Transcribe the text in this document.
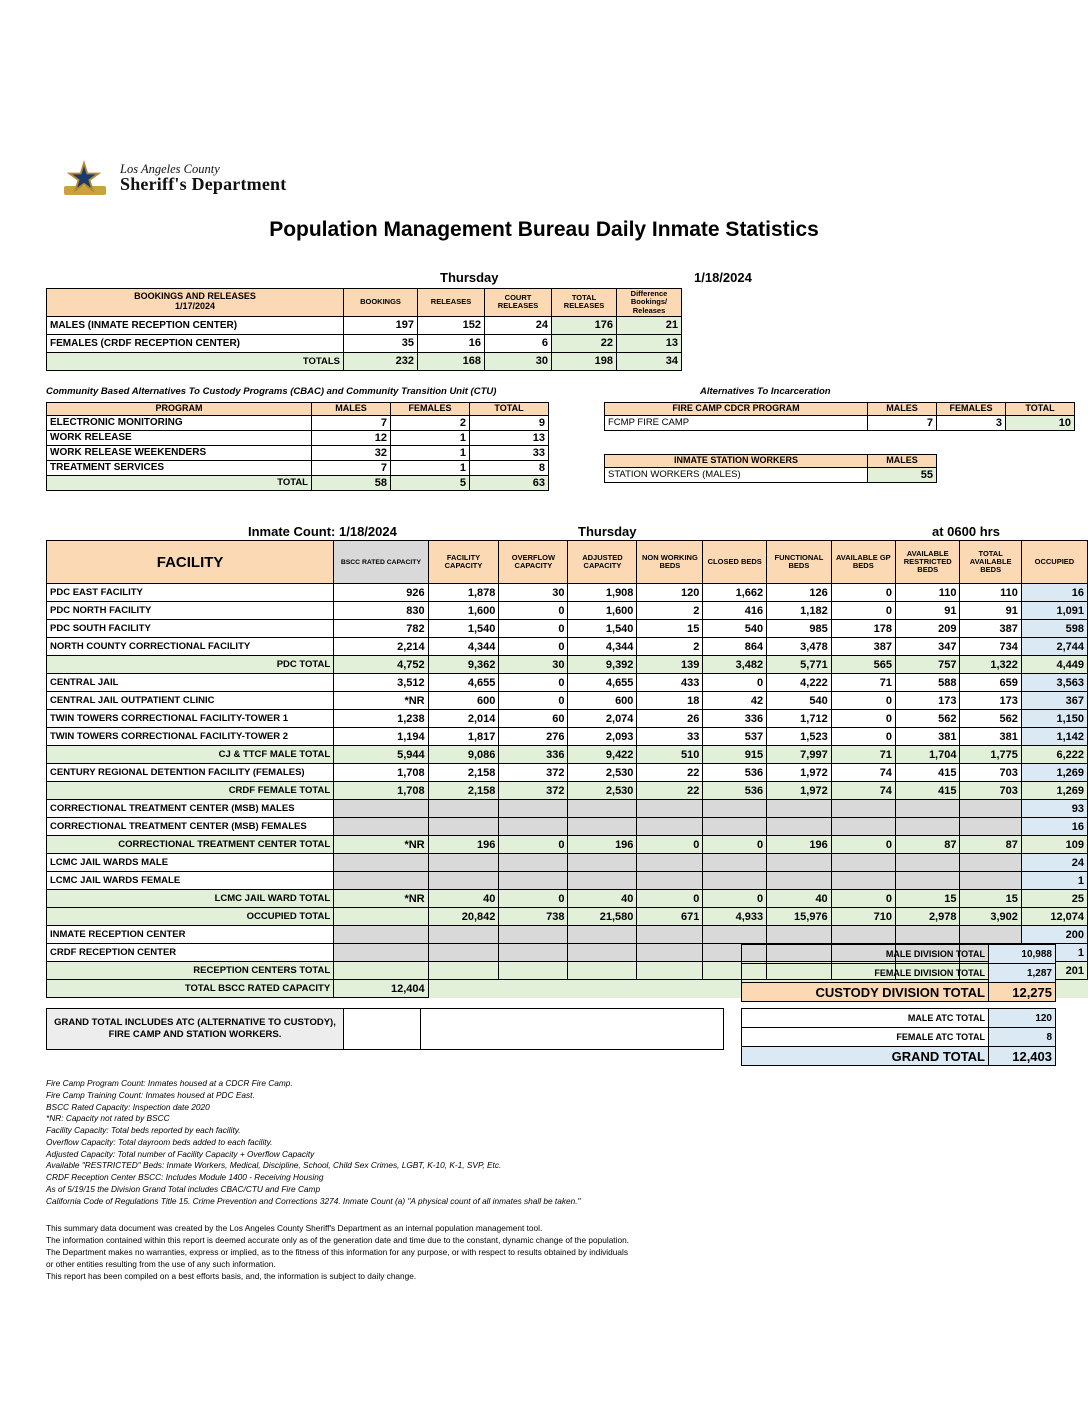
Los Angeles County
Sheriff's Department
Population Management Bureau Daily Inmate Statistics
Thursday	1/18/2024
BOOKINGS AND RELEASES
1/17/2024	BOOKINGS	RELEASES	COURT RELEASES	TOTAL RELEASES	Difference Bookings/ Releases

MALES (INMATE RECEPTION CENTER)	197	152	24	176	21
FEMALES (CRDF RECEPTION CENTER)	35	16	6	22	13
TOTALS	232	168	30	198	34
Community Based Alternatives To Custody Programs (CBAC) and Community Transition Unit (CTU)	Alternatives To Incarceration
PROGRAM	MALES	FEMALES	TOTAL
ELECTRONIC MONITORING	7	2	9
WORK RELEASE	12	1	13
WORK RELEASE WEEKENDERS	32	1	33
TREATMENT SERVICES	7	1	8
TOTAL	58	5	63
FIRE CAMP CDCR PROGRAM	MALES	FEMALES	TOTAL
FCMP FIRE CAMP	7	3	10
INMATE STATION WORKERS	MALES
STATION WORKERS (MALES)	55
Inmate Count: 1/18/2024	Thursday	at 0600 hrs
FACILITY	BSCC RATED CAPACITY	FACILITY CAPACITY	OVERFLOW CAPACITY	ADJUSTED CAPACITY	NON WORKING BEDS	CLOSED BEDS	FUNCTIONAL BEDS	AVAILABLE GP BEDS	AVAILABLE RESTRICTED BEDS	TOTAL AVAILABLE BEDS	OCCUPIED
PDC EAST FACILITY	926	1,878	30	1,908	120	1,662	126	0	110	110	16
PDC NORTH FACILITY	830	1,600	0	1,600	2	416	1,182	0	91	91	1,091
PDC SOUTH FACILITY	782	1,540	0	1,540	15	540	985	178	209	387	598
NORTH COUNTY CORRECTIONAL FACILITY	2,214	4,344	0	4,344	2	864	3,478	387	347	734	2,744
PDC TOTAL	4,752	9,362	30	9,392	139	3,482	5,771	565	757	1,322	4,449
CENTRAL JAIL	3,512	4,655	0	4,655	433	0	4,222	71	588	659	3,563
CENTRAL JAIL OUTPATIENT CLINIC	*NR	600	0	600	18	42	540	0	173	173	367
TWIN TOWERS CORRECTIONAL FACILITY-TOWER 1	1,238	2,014	60	2,074	26	336	1,712	0	562	562	1,150
TWIN TOWERS CORRECTIONAL FACILITY-TOWER 2	1,194	1,817	276	2,093	33	537	1,523	0	381	381	1,142
CJ & TTCF MALE TOTAL	5,944	9,086	336	9,422	510	915	7,997	71	1,704	1,775	6,222
CENTURY REGIONAL DETENTION FACILITY (FEMALES)	1,708	2,158	372	2,530	22	536	1,972	74	415	703	1,269
CRDF FEMALE TOTAL	1,708	2,158	372	2,530	22	536	1,972	74	415	703	1,269
CORRECTIONAL TREATMENT CENTER (MSB) MALES											93
CORRECTIONAL TREATMENT CENTER (MSB) FEMALES											16
CORRECTIONAL TREATMENT CENTER TOTAL	*NR	196	0	196	0	0	196	0	87	87	109
LCMC JAIL WARDS MALE											24
LCMC JAIL WARDS FEMALE											1
LCMC JAIL WARD TOTAL	*NR	40	0	40	0	0	40	0	15	15	25
OCCUPIED TOTAL		20,842	738	21,580	671	4,933	15,976	710	2,978	3,902	12,074
INMATE RECEPTION CENTER											200
CRDF RECEPTION CENTER											1
RECEPTION CENTERS TOTAL											201
TOTAL BSCC RATED CAPACITY	12,404										
MALE DIVISION TOTAL	10,988
FEMALE DIVISION TOTAL	1,287
CUSTODY DIVISION TOTAL	12,275
GRAND TOTAL INCLUDES ATC (ALTERNATIVE TO CUSTODY), FIRE CAMP AND STATION WORKERS.		
MALE ATC TOTAL	120
FEMALE ATC TOTAL	8
GRAND TOTAL	12,403
Fire Camp Program Count: Inmates housed at a CDCR Fire Camp.
Fire Camp Training Count: Inmates housed at PDC East.
BSCC Rated Capacity: Inspection date 2020
*NR: Capacity not rated by BSCC
Facility Capacity: Total beds reported by each facility.
Overflow Capacity: Total dayroom beds added to each facility.
Adjusted Capacity: Total number of Facility Capacity + Overflow Capacity
Available "RESTRICTED" Beds: Inmate Workers, Medical, Discipline, School, Child Sex Crimes, LGBT, K-10, K-1, SVP, Etc.
CRDF Reception Center BSCC: Includes Module 1400 - Receiving Housing
As of 5/19/15 the Division Grand Total includes CBAC/CTU and Fire Camp
California Code of Regulations Title 15. Crime Prevention and Corrections 3274. Inmate Count (a) "A physical count of all inmates shall be taken."
This summary data document was created by the Los Angeles County Sheriff's Department as an internal population management tool.
The information contained within this report is deemed accurate only as of the generation date and time due to the constant, dynamic change of the population.
The Department makes no warranties, express or implied, as to the fitness of this information for any purpose, or with respect to results obtained by individuals
or other entities resulting from the use of any such information.
This report has been compiled on a best efforts basis, and, the information is subject to daily change.
